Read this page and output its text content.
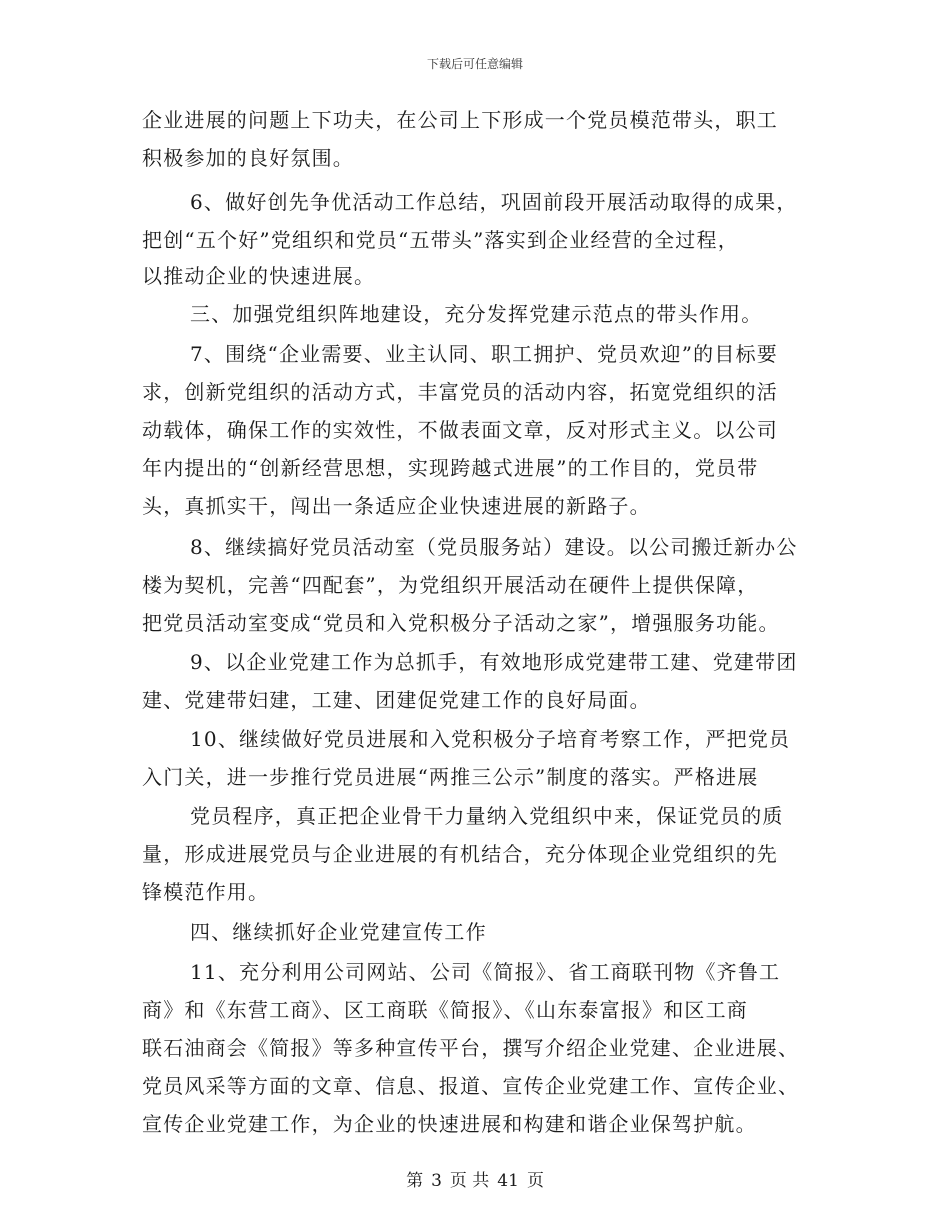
下载后可任意编辑
企业进展的问题上下功夫，在公司上下形成一个党员模范带头，职工
积极参加的良好氛围。
6、做好创先争优活动工作总结，巩固前段开展活动取得的成果，
把创“五个好”党组织和党员“五带头”落实到企业经营的全过程，
以推动企业的快速进展。
三、加强党组织阵地建设，充分发挥党建示范点的带头作用。
7、围绕“企业需要、业主认同、职工拥护、党员欢迎”的目标要
求，创新党组织的活动方式，丰富党员的活动内容，拓宽党组织的活
动载体，确保工作的实效性，不做表面文章，反对形式主义。以公司
年内提出的“创新经营思想，实现跨越式进展”的工作目的，党员带
头，真抓实干，闯出一条适应企业快速进展的新路子。
8、继续搞好党员活动室（党员服务站）建设。以公司搬迁新办公
楼为契机，完善“四配套”，为党组织开展活动在硬件上提供保障，
把党员活动室变成“党员和入党积极分子活动之家”，增强服务功能。
9、以企业党建工作为总抓手，有效地形成党建带工建、党建带团
建、党建带妇建，工建、团建促党建工作的良好局面。
10、继续做好党员进展和入党积极分子培育考察工作，严把党员
入门关，进一步推行党员进展“两推三公示”制度的落实。严格进展
党员程序，真正把企业骨干力量纳入党组织中来，保证党员的质
量，形成进展党员与企业进展的有机结合，充分体现企业党组织的先
锋模范作用。
四、继续抓好企业党建宣传工作
11、充分利用公司网站、公司《简报》、省工商联刊物《齐鲁工
商》和《东营工商》、区工商联《简报》、《山东泰富报》和区工商
联石油商会《简报》等多种宣传平台，撰写介绍企业党建、企业进展、
党员风采等方面的文章、信息、报道、宣传企业党建工作、宣传企业、
宣传企业党建工作，为企业的快速进展和构建和谐企业保驾护航。
第 3 页 共 41 页
